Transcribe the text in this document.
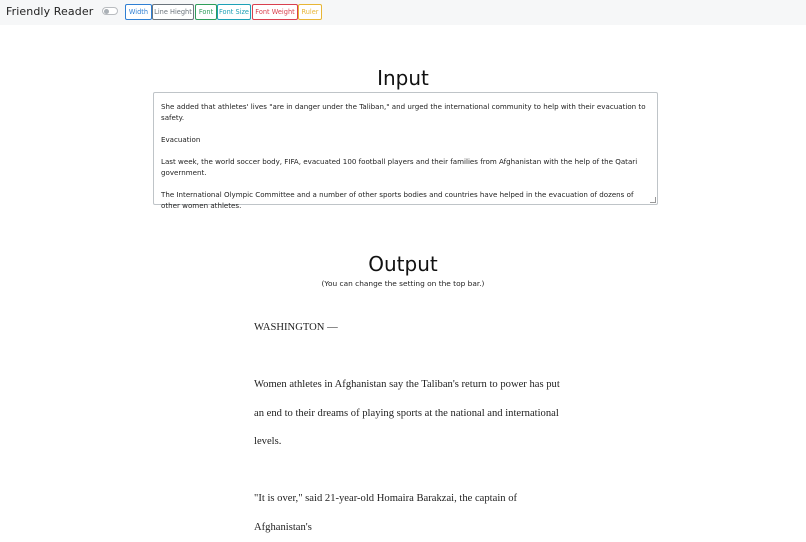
Friendly Reader	Width Line Hieght	Font Font Size Font Weight	Ruler
Input

She added that athletes' lives "are in danger under the Taliban," and urged the international community to help with their evacuation to safety.

Evacuation

Last week, the world soccer body, FIFA, evacuated 100 football players and their families from Afghanistan with the help of the Qatari government.

The International Olympic Committee and a number of other sports bodies and countries have helped in the evacuation of dozens of other women athletes.

Output
(You can change the setting on the top bar.)

WASHINGTON —

Women athletes in Afghanistan say the Taliban's return to power has put an end to their dreams of playing sports at the national and international levels.

"It is over," said 21-year-old Homaira Barakzai, the captain of Afghanistan's
